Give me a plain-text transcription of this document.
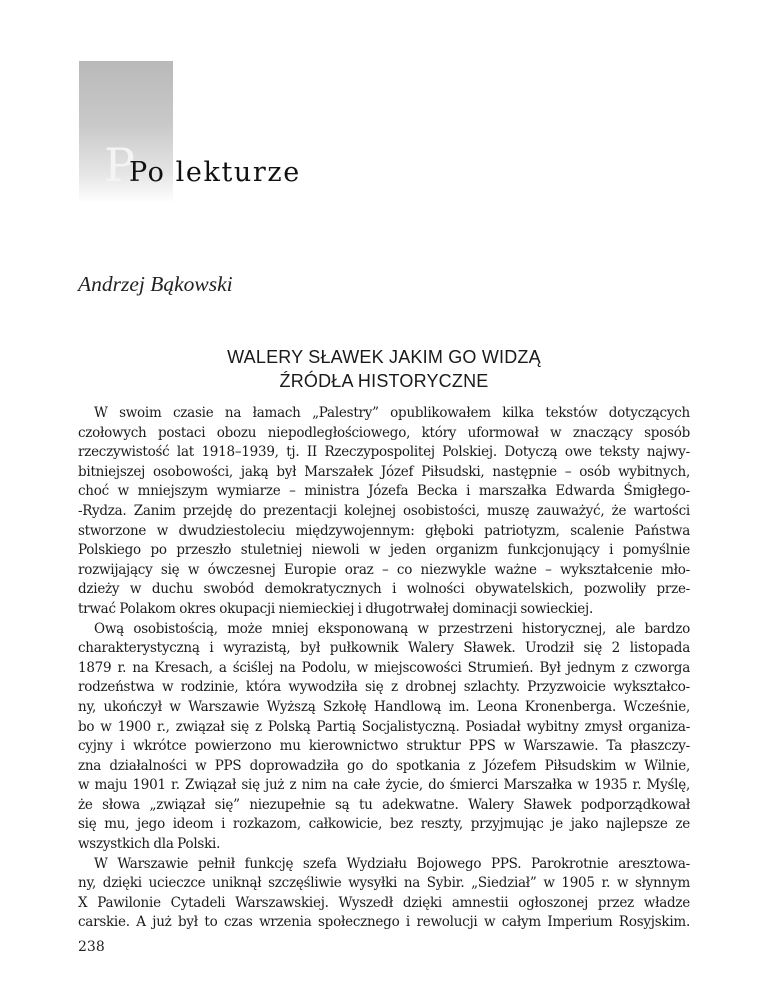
P
Po lekturze
Andrzej Bąkowski
WALERY SŁAWEK JAKIM GO WIDZĄ
ŹRÓDŁA HISTORYCZNE
W swoim czasie na łamach „Palestry” opublikowałem kilka tekstów dotyczących
czołowych postaci obozu niepodległościowego, który uformował w znaczący sposób
rzeczywistość lat 1918–1939, tj. II Rzeczypospolitej Polskiej. Dotyczą owe teksty najwy-
bitniejszej osobowości, jaką był Marszałek Józef Piłsudski, następnie – osób wybitnych,
choć w mniejszym wymiarze – ministra Józefa Becka i marszałka Edwarda Śmigłego-
-Rydza. Zanim przejdę do prezentacji kolejnej osobistości, muszę zauważyć, że wartości
stworzone w dwudziestoleciu międzywojennym: głęboki patriotyzm, scalenie Państwa
Polskiego po przeszło stuletniej niewoli w jeden organizm funkcjonujący i pomyślnie
rozwijający się w ówczesnej Europie oraz – co niezwykle ważne – wykształcenie mło-
dzieży w duchu swobód demokratycznych i wolności obywatelskich, pozwoliły prze-
trwać Polakom okres okupacji niemieckiej i długotrwałej dominacji sowieckiej.
Ową osobistością, może mniej eksponowaną w przestrzeni historycznej, ale bardzo
charakterystyczną i wyrazistą, był pułkownik Walery Sławek. Urodził się 2 listopada
1879 r. na Kresach, a ściślej na Podolu, w miejscowości Strumień. Był jednym z czworga
rodzeństwa w rodzinie, która wywodziła się z drobnej szlachty. Przyzwoicie wykształco-
ny, ukończył w Warszawie Wyższą Szkołę Handlową im. Leona Kronenberga. Wcześnie,
bo w 1900 r., związał się z Polską Partią Socjalistyczną. Posiadał wybitny zmysł organiza-
cyjny i wkrótce powierzono mu kierownictwo struktur PPS w Warszawie. Ta płaszczy-
zna działalności w PPS doprowadziła go do spotkania z Józefem Piłsudskim w Wilnie,
w maju 1901 r. Związał się już z nim na całe życie, do śmierci Marszałka w 1935 r. Myślę,
że słowa „związał się” niezupełnie są tu adekwatne. Walery Sławek podporządkował
się mu, jego ideom i rozkazom, całkowicie, bez reszty, przyjmując je jako najlepsze ze
wszystkich dla Polski.
W Warszawie pełnił funkcję szefa Wydziału Bojowego PPS. Parokrotnie aresztowa-
ny, dzięki ucieczce uniknął szczęśliwie wysyłki na Sybir. „Siedział” w 1905 r. w słynnym
X Pawilonie Cytadeli Warszawskiej. Wyszedł dzięki amnestii ogłoszonej przez władze
carskie. A już był to czas wrzenia społecznego i rewolucji w całym Imperium Rosyjskim.
238
